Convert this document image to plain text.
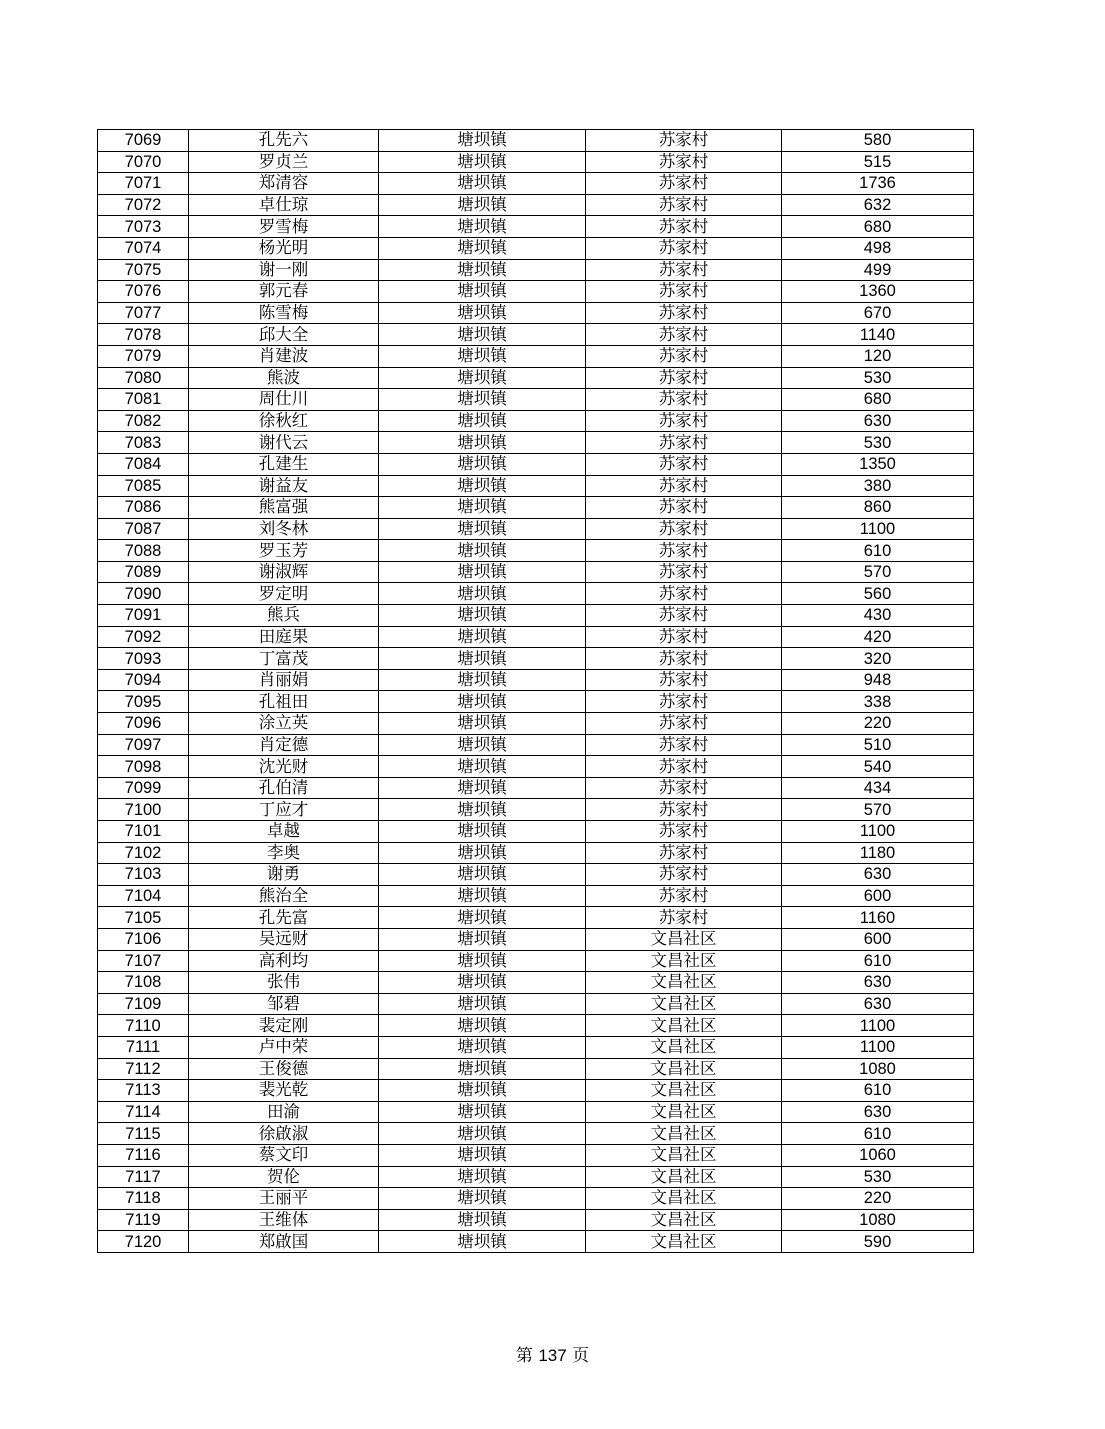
7069	孔先六	塘坝镇	苏家村	580
7070	罗贞兰	塘坝镇	苏家村	515
7071	郑清容	塘坝镇	苏家村	1736
7072	卓仕琼	塘坝镇	苏家村	632
7073	罗雪梅	塘坝镇	苏家村	680
7074	杨光明	塘坝镇	苏家村	498
7075	谢一刚	塘坝镇	苏家村	499
7076	郭元春	塘坝镇	苏家村	1360
7077	陈雪梅	塘坝镇	苏家村	670
7078	邱大全	塘坝镇	苏家村	1140
7079	肖建波	塘坝镇	苏家村	120
7080	熊波	塘坝镇	苏家村	530
7081	周仕川	塘坝镇	苏家村	680
7082	徐秋红	塘坝镇	苏家村	630
7083	谢代云	塘坝镇	苏家村	530
7084	孔建生	塘坝镇	苏家村	1350
7085	谢益友	塘坝镇	苏家村	380
7086	熊富强	塘坝镇	苏家村	860
7087	刘冬林	塘坝镇	苏家村	1100
7088	罗玉芳	塘坝镇	苏家村	610
7089	谢淑辉	塘坝镇	苏家村	570
7090	罗定明	塘坝镇	苏家村	560
7091	熊兵	塘坝镇	苏家村	430
7092	田庭果	塘坝镇	苏家村	420
7093	丁富茂	塘坝镇	苏家村	320
7094	肖丽娟	塘坝镇	苏家村	948
7095	孔祖田	塘坝镇	苏家村	338
7096	涂立英	塘坝镇	苏家村	220
7097	肖定德	塘坝镇	苏家村	510
7098	沈光财	塘坝镇	苏家村	540
7099	孔伯清	塘坝镇	苏家村	434
7100	丁应才	塘坝镇	苏家村	570
7101	卓越	塘坝镇	苏家村	1100
7102	李奥	塘坝镇	苏家村	1180
7103	谢勇	塘坝镇	苏家村	630
7104	熊治全	塘坝镇	苏家村	600
7105	孔先富	塘坝镇	苏家村	1160
7106	吴远财	塘坝镇	文昌社区	600
7107	高利均	塘坝镇	文昌社区	610
7108	张伟	塘坝镇	文昌社区	630
7109	邹碧	塘坝镇	文昌社区	630
7110	裴定刚	塘坝镇	文昌社区	1100
7111	卢中荣	塘坝镇	文昌社区	1100
7112	王俊德	塘坝镇	文昌社区	1080
7113	裴光乾	塘坝镇	文昌社区	610
7114	田渝	塘坝镇	文昌社区	630
7115	徐啟淑	塘坝镇	文昌社区	610
7116	蔡文印	塘坝镇	文昌社区	1060
7117	贺伦	塘坝镇	文昌社区	530
7118	王丽平	塘坝镇	文昌社区	220
7119	王维体	塘坝镇	文昌社区	1080
7120	郑啟国	塘坝镇	文昌社区	590
第 137 页
